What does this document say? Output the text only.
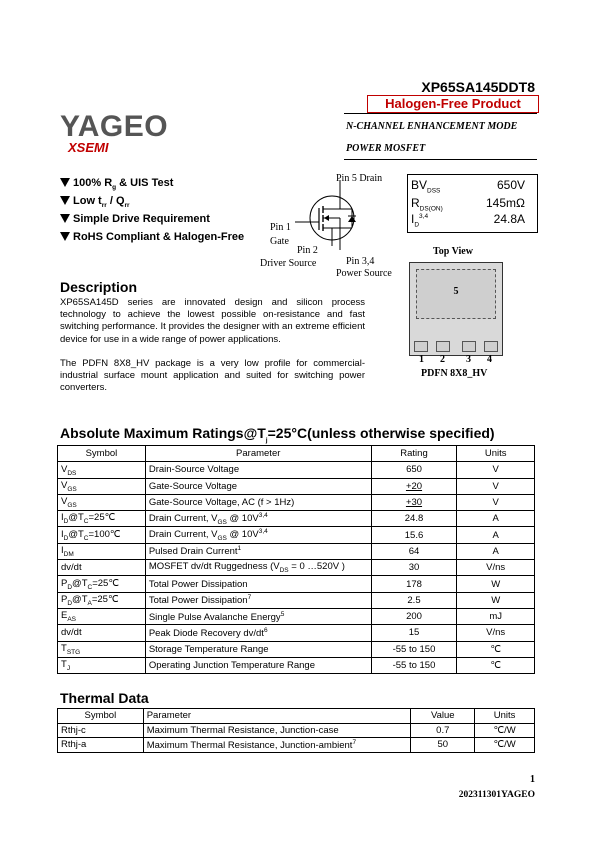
XP65SA145DDT8
Halogen-Free Product
YAGEO
XSEMI
N-CHANNEL ENHANCEMENT MODE
POWER MOSFET
100% $R_g$ & UIS Test
Low $t_{rr} / Q_{rr}$
Simple Drive Requirement
RoHS Compliant & Halogen-Free
Pin 5 Drain
Pin 1
Gate
Pin 2
Driver Source	Pin 3,4
Power Source
$BV_{DSS}$	650V
$R_{DS(ON)}$	145mΩ
$I_D^{3,4}$	24.8A
Top View
5
1 2 3 4
PDFN 8X8_HV
Description
XP65SA145D series are innovated design and silicon process technology to achieve the lowest possible on-resistance and fast switching performance. It provides the designer with an extreme efficient device for use in a wide range of power applications.
The PDFN 8X8_HV package is a very low profile for commercial-industrial surface mount application and suited for switching power converters.
Absolute Maximum $Ratings@T_j=25^\circ C(unless$ otherwise specified)
Symbol	Parameter	Rating	Units
$V_{DS}$	Drain-Source Voltage	650	V
$V_{GS}$	Gate-Source Voltage	+20	V
$V_{GS}$	Gate-Source Voltage, AC (f > 1Hz)	+30	V
$I_D@T_C=25℃$	Drain Current, $V_{GS}$ @ $10V^{3,4}$	24.8	A
$I_D@T_C=100℃$	Drain Current, $V_{GS}$ @ $10V^{3,4}$	15.6	A
$I_{DM}$	Pulsed Drain Current$^1$	64	A
dv/dt	MOSFET dv/dt Ruggedness ($V_{DS} = 0$ …520V )	30	V/ns
$P_D@T_C=25℃$	Total Power Dissipation	178	W
$P_D@T_A=25℃$	Total Power Dissipation$^7$	2.5	W
$E_{AS}$	Single Pulse Avalanche Energy$^5$	200	mJ
dv/dt	Peak Diode Recovery $dv/dt^6$	15	V/ns
$T_{STG}$	Storage Temperature Range	-55 to 150	℃
$T_J$	Operating Junction Temperature Range	-55 to 150	℃
Thermal Data
Symbol	Parameter	Value	Units
Rthj-c	Maximum Thermal Resistance, Junction-case	0.7	℃/W
Rthj-a	Maximum Thermal Resistance, Junction-ambient$^7$	50	℃/W
1
202311301YAGEO
